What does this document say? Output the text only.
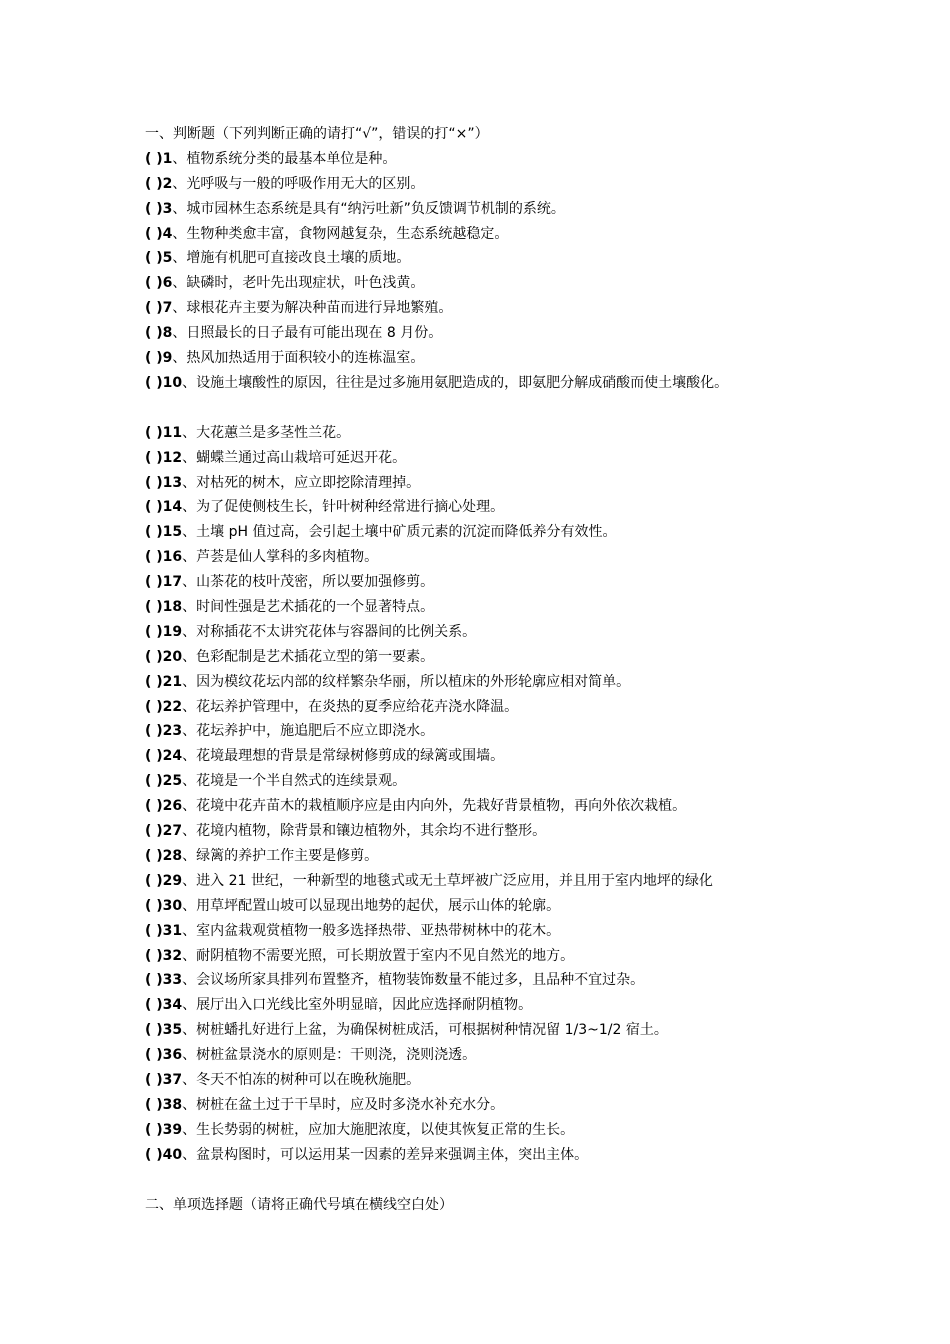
一、判断题（下列判断正确的请打“√”，错误的打“×”）
( )1、植物系统分类的最基本单位是种。
( )2、光呼吸与一般的呼吸作用无大的区别。
( )3、城市园林生态系统是具有“纳污吐新”负反馈调节机制的系统。
( )4、生物种类愈丰富，食物网越复杂，生态系统越稳定。
( )5、增施有机肥可直接改良土壤的质地。
( )6、缺磷时，老叶先出现症状，叶色浅黄。
( )7、球根花卉主要为解决种苗而进行异地繁殖。
( )8、日照最长的日子最有可能出现在 8 月份。
( )9、热风加热适用于面积较小的连栋温室。
( )10、设施土壤酸性的原因，往往是过多施用氨肥造成的，即氨肥分解成硝酸而使土壤酸化。
( )11、大花蕙兰是多茎性兰花。
( )12、蝴蝶兰通过高山栽培可延迟开花。
( )13、对枯死的树木，应立即挖除清理掉。
( )14、为了促使侧枝生长，针叶树种经常进行摘心处理。
( )15、土壤 pH 值过高，会引起土壤中矿质元素的沉淀而降低养分有效性。
( )16、芦荟是仙人掌科的多肉植物。
( )17、山茶花的枝叶茂密，所以要加强修剪。
( )18、时间性强是艺术插花的一个显著特点。
( )19、对称插花不太讲究花体与容器间的比例关系。
( )20、色彩配制是艺术插花立型的第一要素。
( )21、因为模纹花坛内部的纹样繁杂华丽，所以植床的外形轮廓应相对简单。
( )22、花坛养护管理中，在炎热的夏季应给花卉浇水降温。
( )23、花坛养护中，施追肥后不应立即浇水。
( )24、花境最理想的背景是常绿树修剪成的绿篱或围墙。
( )25、花境是一个半自然式的连续景观。
( )26、花境中花卉苗木的栽植顺序应是由内向外，先栽好背景植物，再向外依次栽植。
( )27、花境内植物，除背景和镶边植物外，其余均不进行整形。
( )28、绿篱的养护工作主要是修剪。
( )29、进入 21 世纪，一种新型的地毯式或无土草坪被广泛应用，并且用于室内地坪的绿化
( )30、用草坪配置山坡可以显现出地势的起伏，展示山体的轮廓。
( )31、室内盆栽观赏植物一般多选择热带、亚热带树林中的花木。
( )32、耐阴植物不需要光照，可长期放置于室内不见自然光的地方。
( )33、会议场所家具排列布置整齐，植物装饰数量不能过多，且品种不宜过杂。
( )34、展厅出入口光线比室外明显暗，因此应选择耐阴植物。
( )35、树桩蟠扎好进行上盆，为确保树桩成活，可根据树种情况留 1/3~1/2 宿土。
( )36、树桩盆景浇水的原则是：干则浇，浇则浇透。
( )37、冬天不怕冻的树种可以在晚秋施肥。
( )38、树桩在盆土过于干旱时，应及时多浇水补充水分。
( )39、生长势弱的树桩，应加大施肥浓度，以使其恢复正常的生长。
( )40、盆景构图时，可以运用某一因素的差异来强调主体，突出主体。
二、单项选择题（请将正确代号填在横线空白处）
